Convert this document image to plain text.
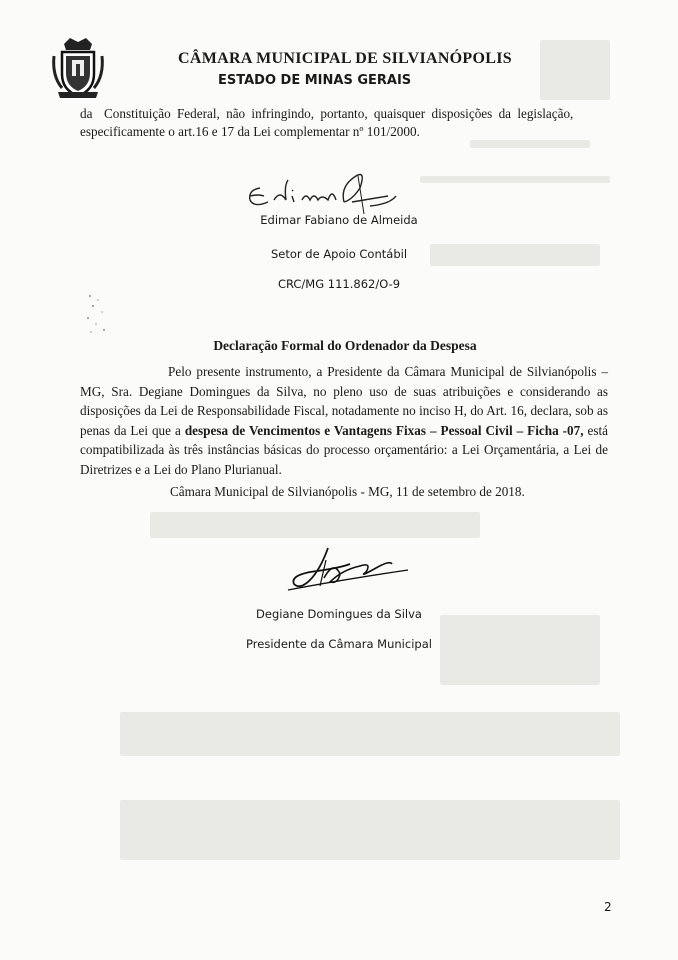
CÂMARA MUNICIPAL DE SILVIANÓPOLIS
ESTADO DE MINAS GERAIS
da Constituição Federal, não infringindo, portanto, quaisquer disposições da legislação,
especificamente o art.16 e 17 da Lei complementar nº 101/2000.
Edimar Fabiano de Almeida
Setor de Apoio Contábil
CRC/MG 111.862/O-9
Declaração Formal do Ordenador da Despesa
Pelo presente instrumento, a Presidente da Câmara Municipal de Silvianópolis – MG, Sra. Degiane Domingues da Silva, no pleno uso de suas atribuições e considerando as disposições da Lei de Responsabilidade Fiscal, notadamente no inciso H, do Art. 16, declara, sob as penas da Lei que a despesa de Vencimentos e Vantagens Fixas – Pessoal Civil – Ficha -07, está compatibilizada às três instâncias básicas do processo orçamentário: a Lei Orçamentária, a Lei de Diretrizes e a Lei do Plano Plurianual.
Câmara Municipal de Silvianópolis - MG, 11 de setembro de 2018.
Degiane Domingues da Silva
Presidente da Câmara Municipal
2
